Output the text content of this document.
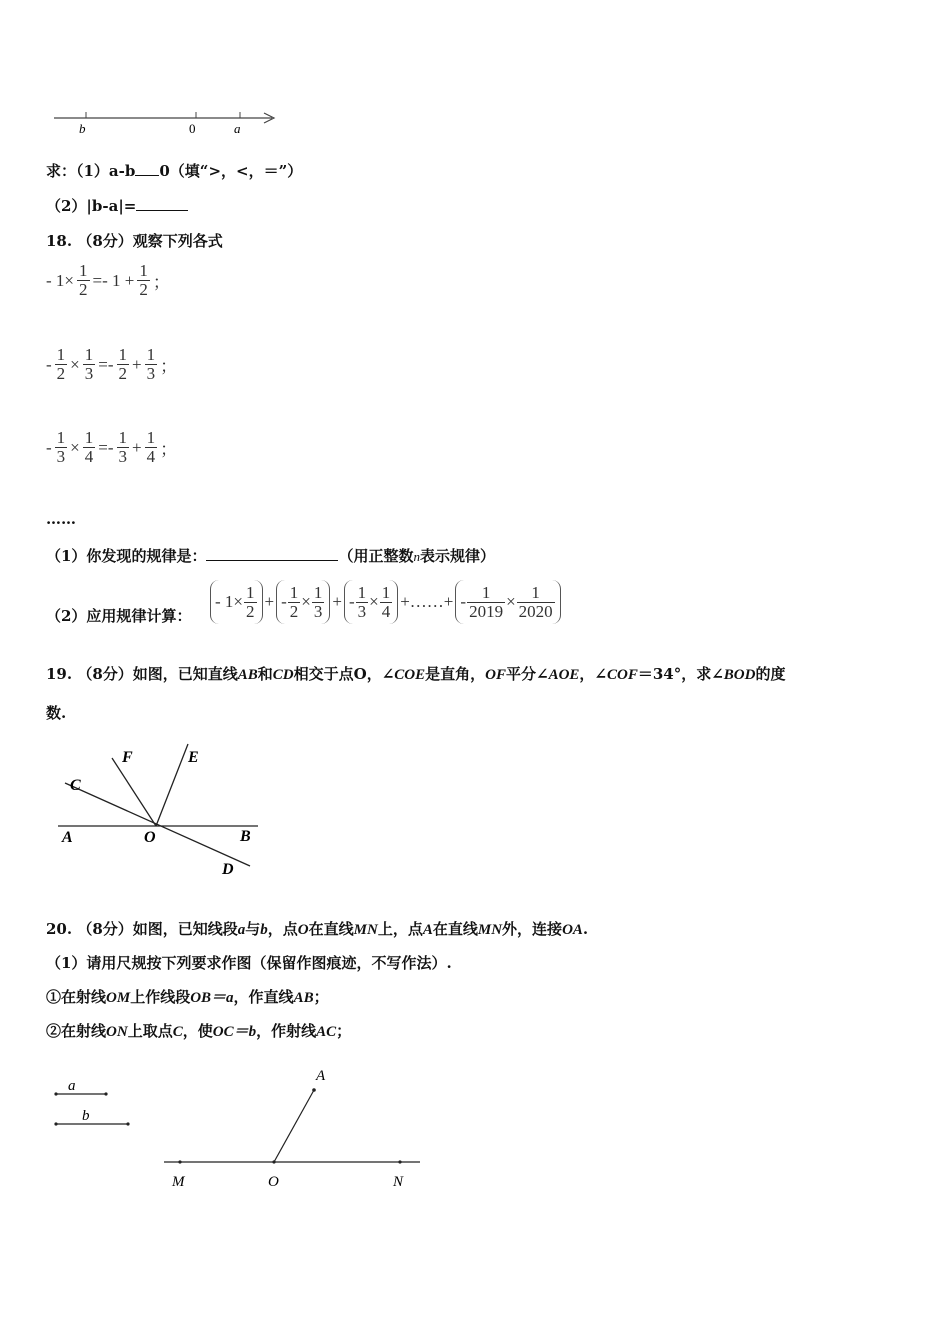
b	0	a
求：（1）a-b 0（填“>，<，＝”）
（2）|b-a|=
18. （8分）观察下列各式
- $1\times \frac{1}{2} =- 1 + \frac{1}{2}$ ；
- $\frac{1}{2} \times \frac{1}{3} =- \frac{1}{2} + \frac{1}{3}$ ；
- $\frac{1}{3} \times \frac{1}{4} =- \frac{1}{3} + \frac{1}{4}$ ；
……
（1）你发现的规律是：	（用正整数n表示规律）
（2）应用规律计算：
- $1\times \frac{1}{2}$ + - $\frac{1}{2} \times \frac{1}{3}$ + - $\frac{1}{3} \times \frac{1}{4}$ +……+ - $\frac{1}{2019} \times \frac{1}{2020}$
19. （8分）如图，已知直线AB和CD相交于点O，∠COE是直角，OF平分∠AOE，∠COF＝34°，求∠BOD的度
数.
F	E
C
A	O	B
D
20. （8分）如图，已知线段a与b，点O在直线MN上，点A在直线MN外，连接OA.
（1）请用尺规按下列要求作图（保留作图痕迹，不写作法）.
①在射线OM上作线段OB＝a，作直线AB；
②在射线ON上取点C，使OC＝b，作射线AC；
a
b
A
M	O	N
